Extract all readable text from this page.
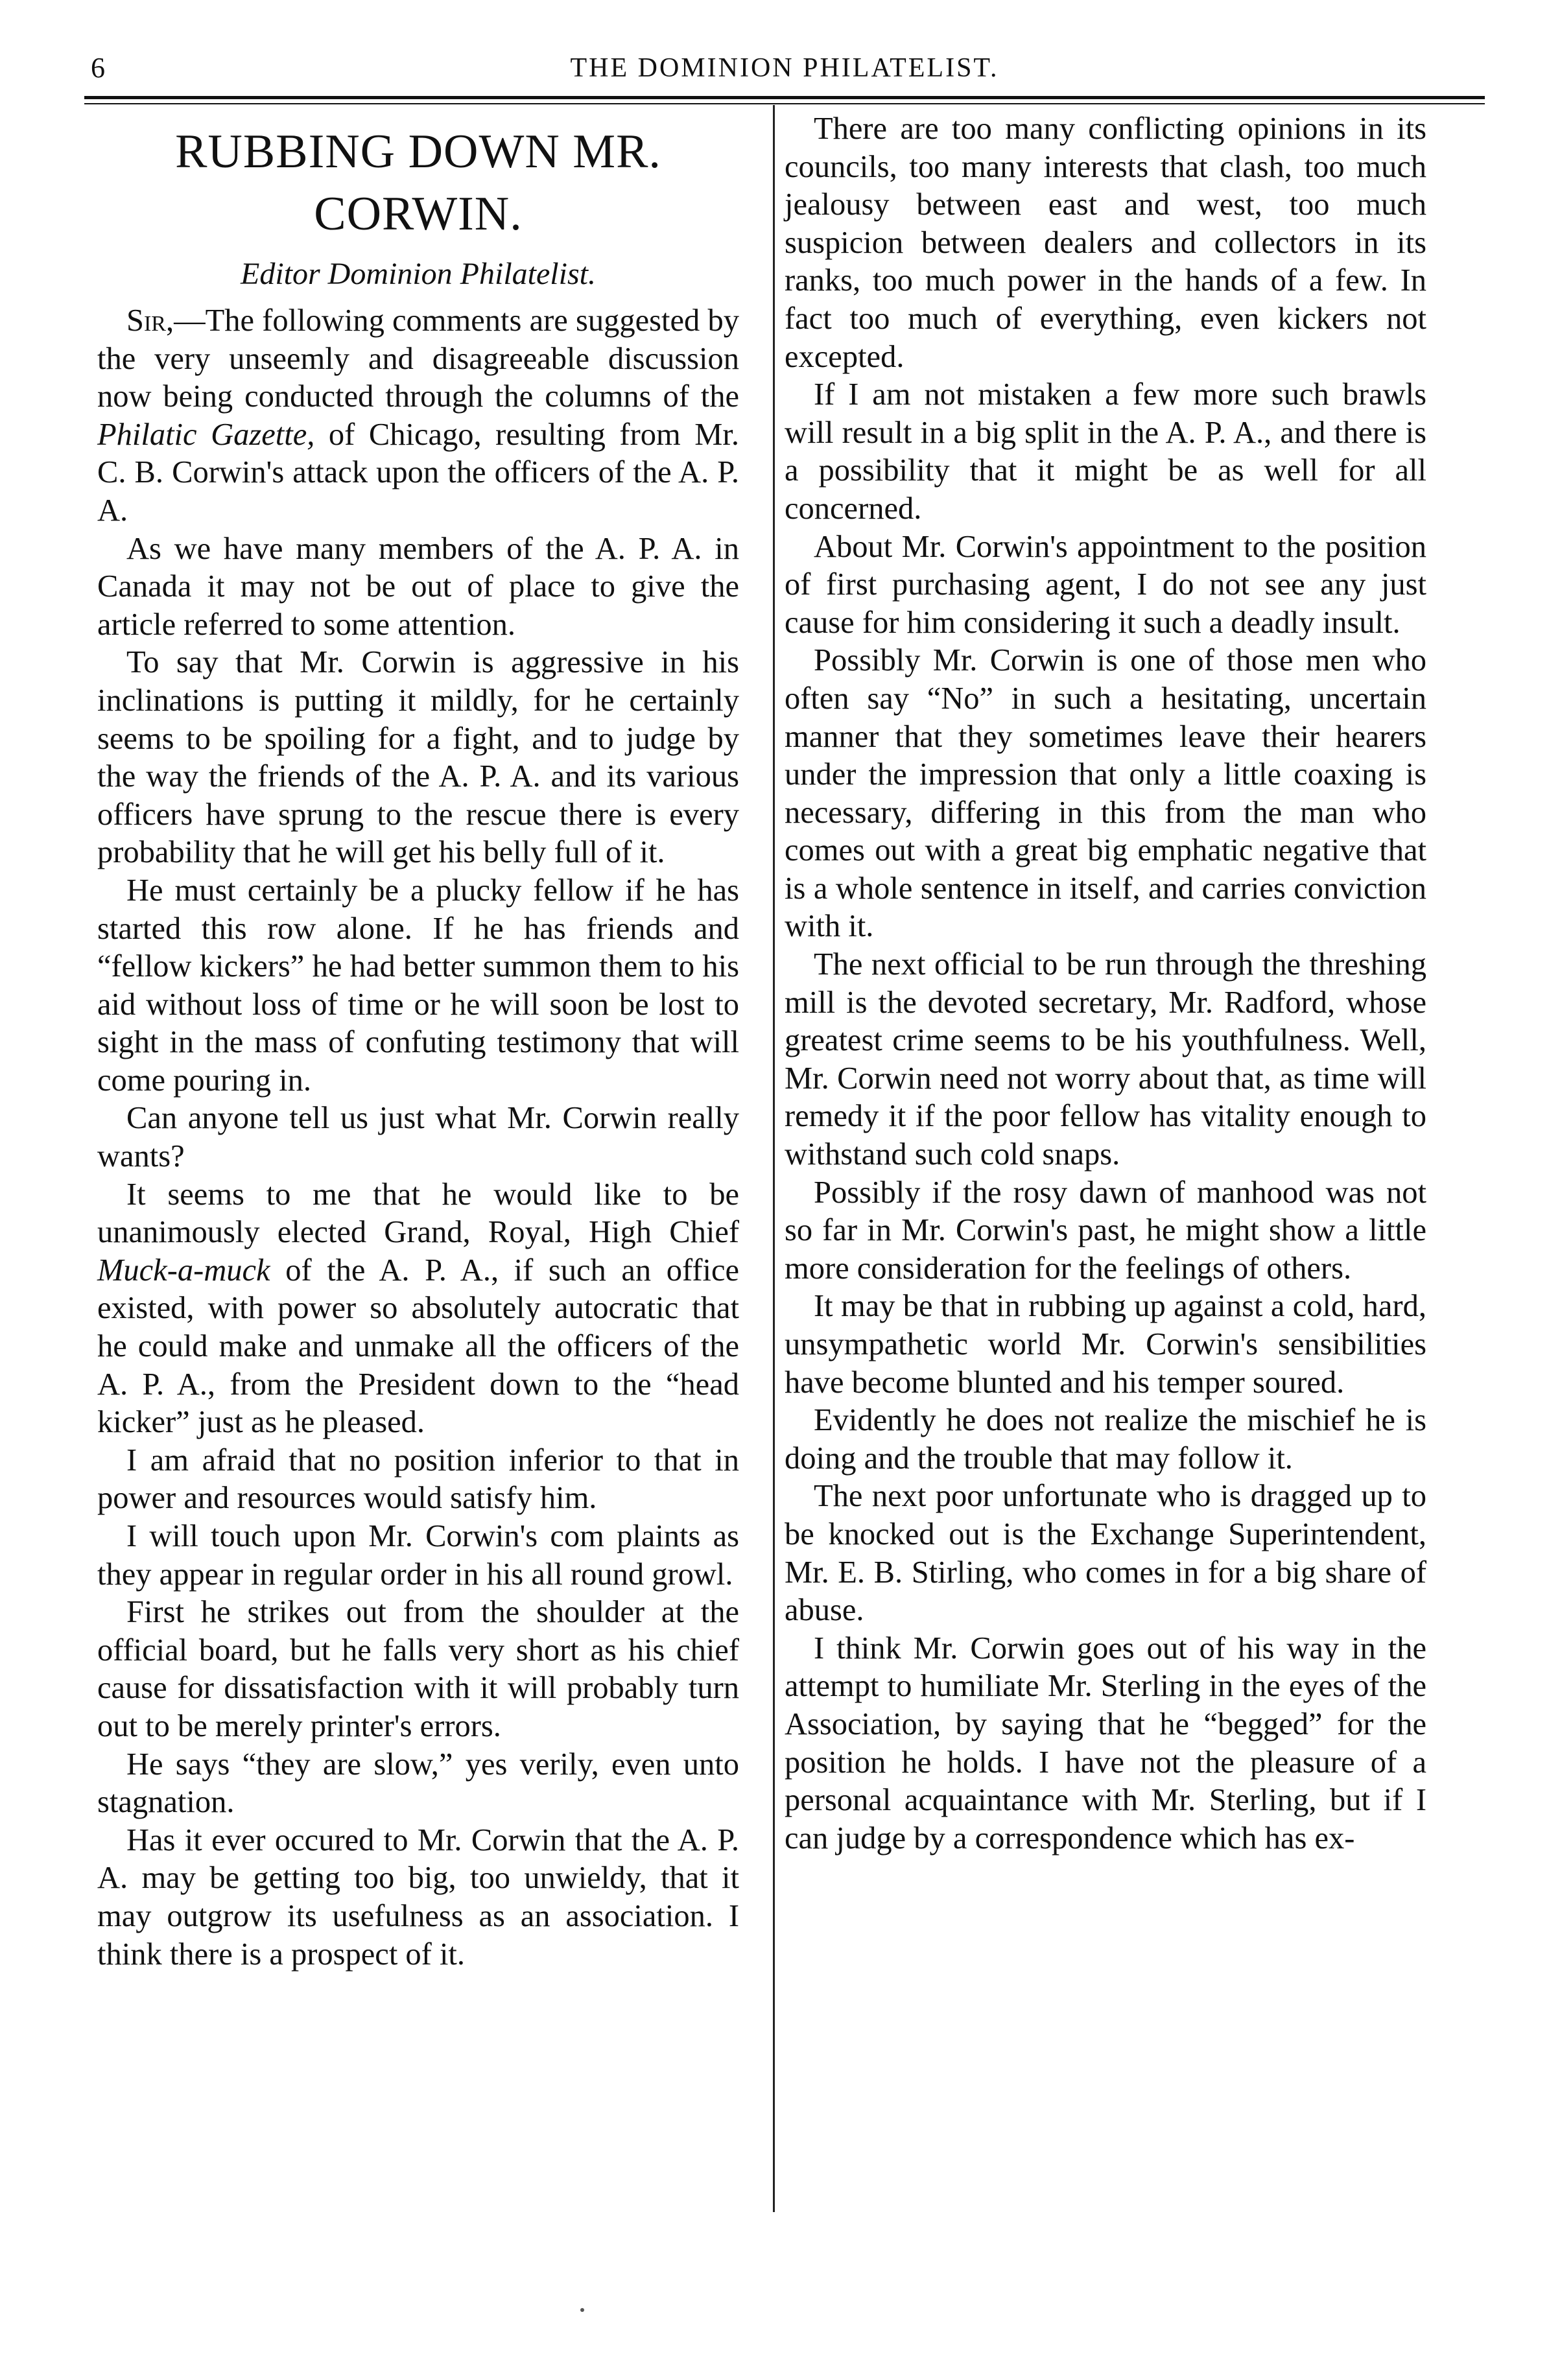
6	THE DOMINION PHILATELIST.
RUBBING DOWN MR. CORWIN.
Editor Dominion Philatelist.

Sir,—The following comments are suggested by the very unseemly and disagreeable discussion now being conducted through the columns of the Philatic Gazette, of Chicago, resulting from Mr. C. B. Corwin's attack upon the officers of the A. P. A.

As we have many members of the A. P. A. in Canada it may not be out of place to give the article referred to some attention.

To say that Mr. Corwin is aggressive in his inclinations is putting it mildly, for he certainly seems to be spoiling for a fight, and to judge by the way the friends of the A. P. A. and its various officers have sprung to the rescue there is every probability that he will get his belly full of it.

He must certainly be a plucky fellow if he has started this row alone. If he has friends and “fellow kickers” he had better summon them to his aid without loss of time or he will soon be lost to sight in the mass of confuting testimony that will come pouring in.

Can anyone tell us just what Mr. Corwin really wants?

It seems to me that he would like to be unanimously elected Grand, Royal, High Chief Muck-a-muck of the A. P. A., if such an office existed, with power so absolutely autocratic that he could make and unmake all the officers of the A. P. A., from the President down to the “head kicker” just as he pleased.

I am afraid that no position inferior to that in power and resources would satisfy him.

I will touch upon Mr. Corwin's com plaints as they appear in regular order in his all round growl.

First he strikes out from the shoulder at the official board, but he falls very short as his chief cause for dissatisfaction with it will probably turn out to be merely printer's errors.

He says “they are slow,” yes verily, even unto stagnation.

Has it ever occured to Mr. Corwin that the A. P. A. may be getting too big, too unwieldy, that it may outgrow its usefulness as an association. I think there is a prospect of it.

There are too many conflicting opinions in its councils, too many interests that clash, too much jealousy between east and west, too much suspicion between dealers and collectors in its ranks, too much power in the hands of a few. In fact too much of everything, even kickers not excepted.

If I am not mistaken a few more such brawls will result in a big split in the A. P. A., and there is a possibility that it might be as well for all concerned.

About Mr. Corwin's appointment to the position of first purchasing agent, I do not see any just cause for him considering it such a deadly insult.

Possibly Mr. Corwin is one of those men who often say “No” in such a hesitating, uncertain manner that they sometimes leave their hearers under the impression that only a little coaxing is necessary, differing in this from the man who comes out with a great big emphatic negative that is a whole sentence in itself, and carries conviction with it.

The next official to be run through the threshing mill is the devoted secretary, Mr. Radford, whose greatest crime seems to be his youthfulness. Well, Mr. Corwin need not worry about that, as time will remedy it if the poor fellow has vitality enough to withstand such cold snaps.

Possibly if the rosy dawn of manhood was not so far in Mr. Corwin's past, he might show a little more consideration for the feelings of others.

It may be that in rubbing up against a cold, hard, unsympathetic world Mr. Corwin's sensibilities have become blunted and his temper soured.

Evidently he does not realize the mischief he is doing and the trouble that may follow it.

The next poor unfortunate who is dragged up to be knocked out is the Exchange Superintendent, Mr. E. B. Stirling, who comes in for a big share of abuse.

I think Mr. Corwin goes out of his way in the attempt to humiliate Mr. Sterling in the eyes of the Association, by saying that he “begged” for the position he holds. I have not the pleasure of a personal acquaintance with Mr. Sterling, but if I can judge by a correspondence which has ex-
